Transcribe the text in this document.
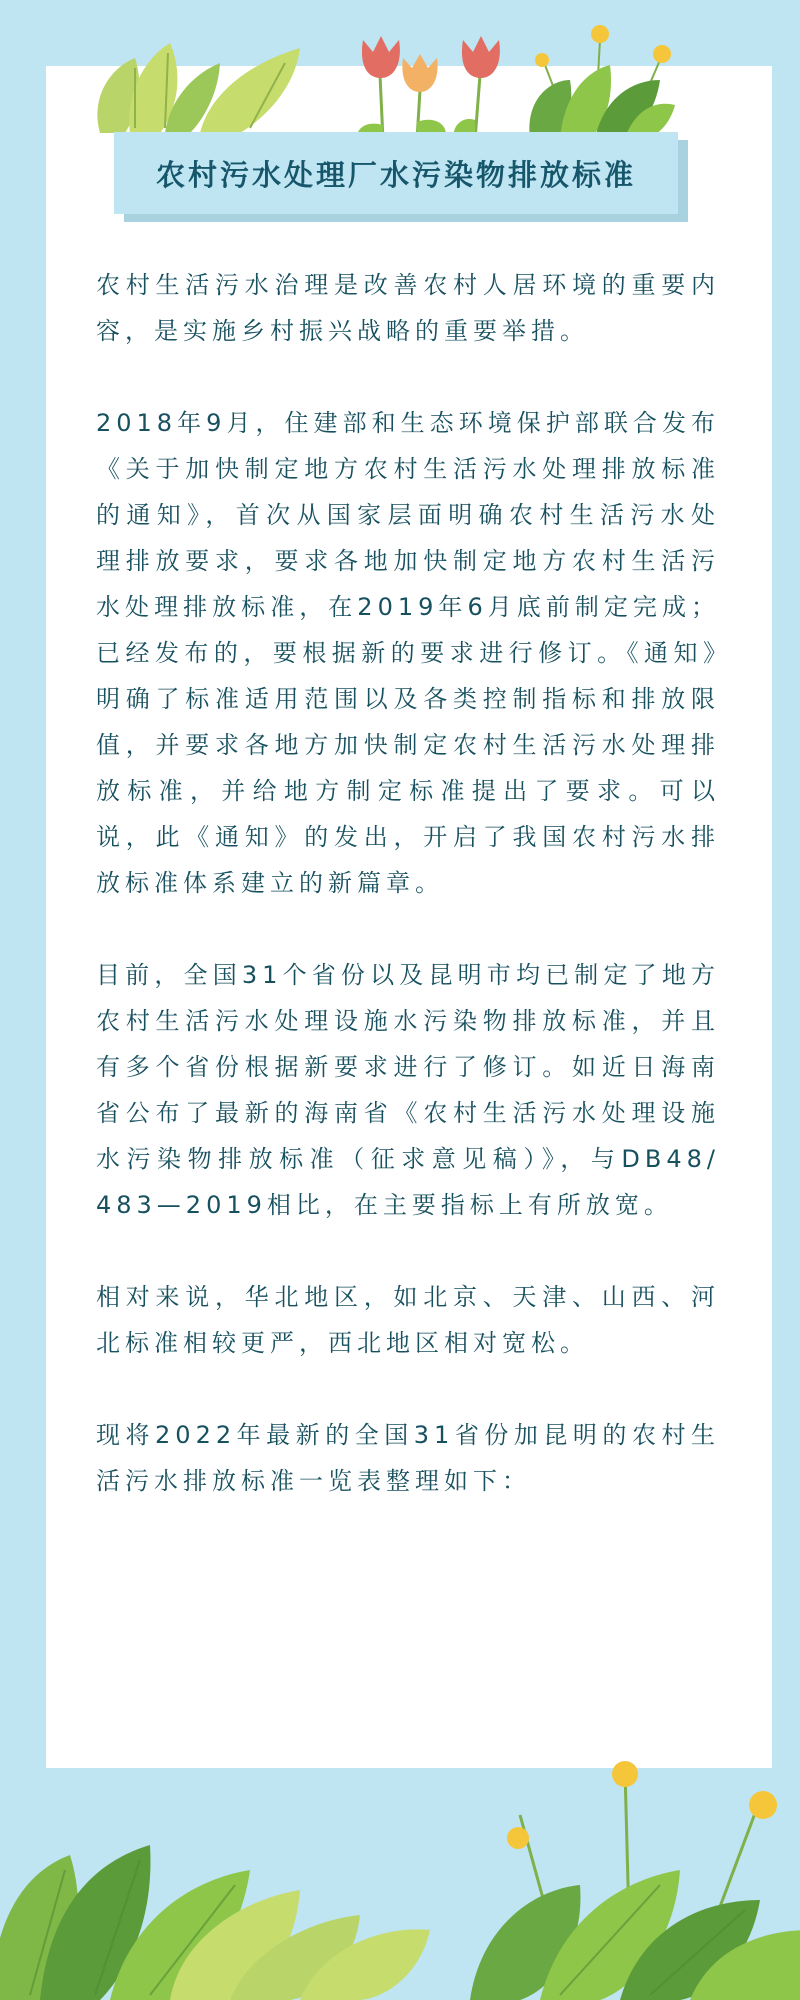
农村污水处理厂水污染物排放标准

农村生活污水治理是改善农村人居环境的重要内容，是实施乡村振兴战略的重要举措。

2018年9月，住建部和生态环境保护部联合发布《关于加快制定地方农村生活污水处理排放标准的通知》，首次从国家层面明确农村生活污水处理排放要求，要求各地加快制定地方农村生活污水处理排放标准，在2019年6月底前制定完成；已经发布的，要根据新的要求进行修订。《通知》明确了标准适用范围以及各类控制指标和排放限值，并要求各地方加快制定农村生活污水处理排放标准，并给地方制定标准提出了要求。可以说，此《通知》的发出，开启了我国农村污水排放标准体系建立的新篇章。

目前，全国31个省份以及昆明市均已制定了地方农村生活污水处理设施水污染物排放标准，并且有多个省份根据新要求进行了修订。如近日海南省公布了最新的海南省《农村生活污水处理设施水污染物排放标准（征求意见稿）》，与DB48/ 483—2019相比，在主要指标上有所放宽。

相对来说，华北地区，如北京、天津、山西、河北标准相较更严，西北地区相对宽松。

现将2022年最新的全国31省份加昆明的农村生活污水排放标准一览表整理如下：
